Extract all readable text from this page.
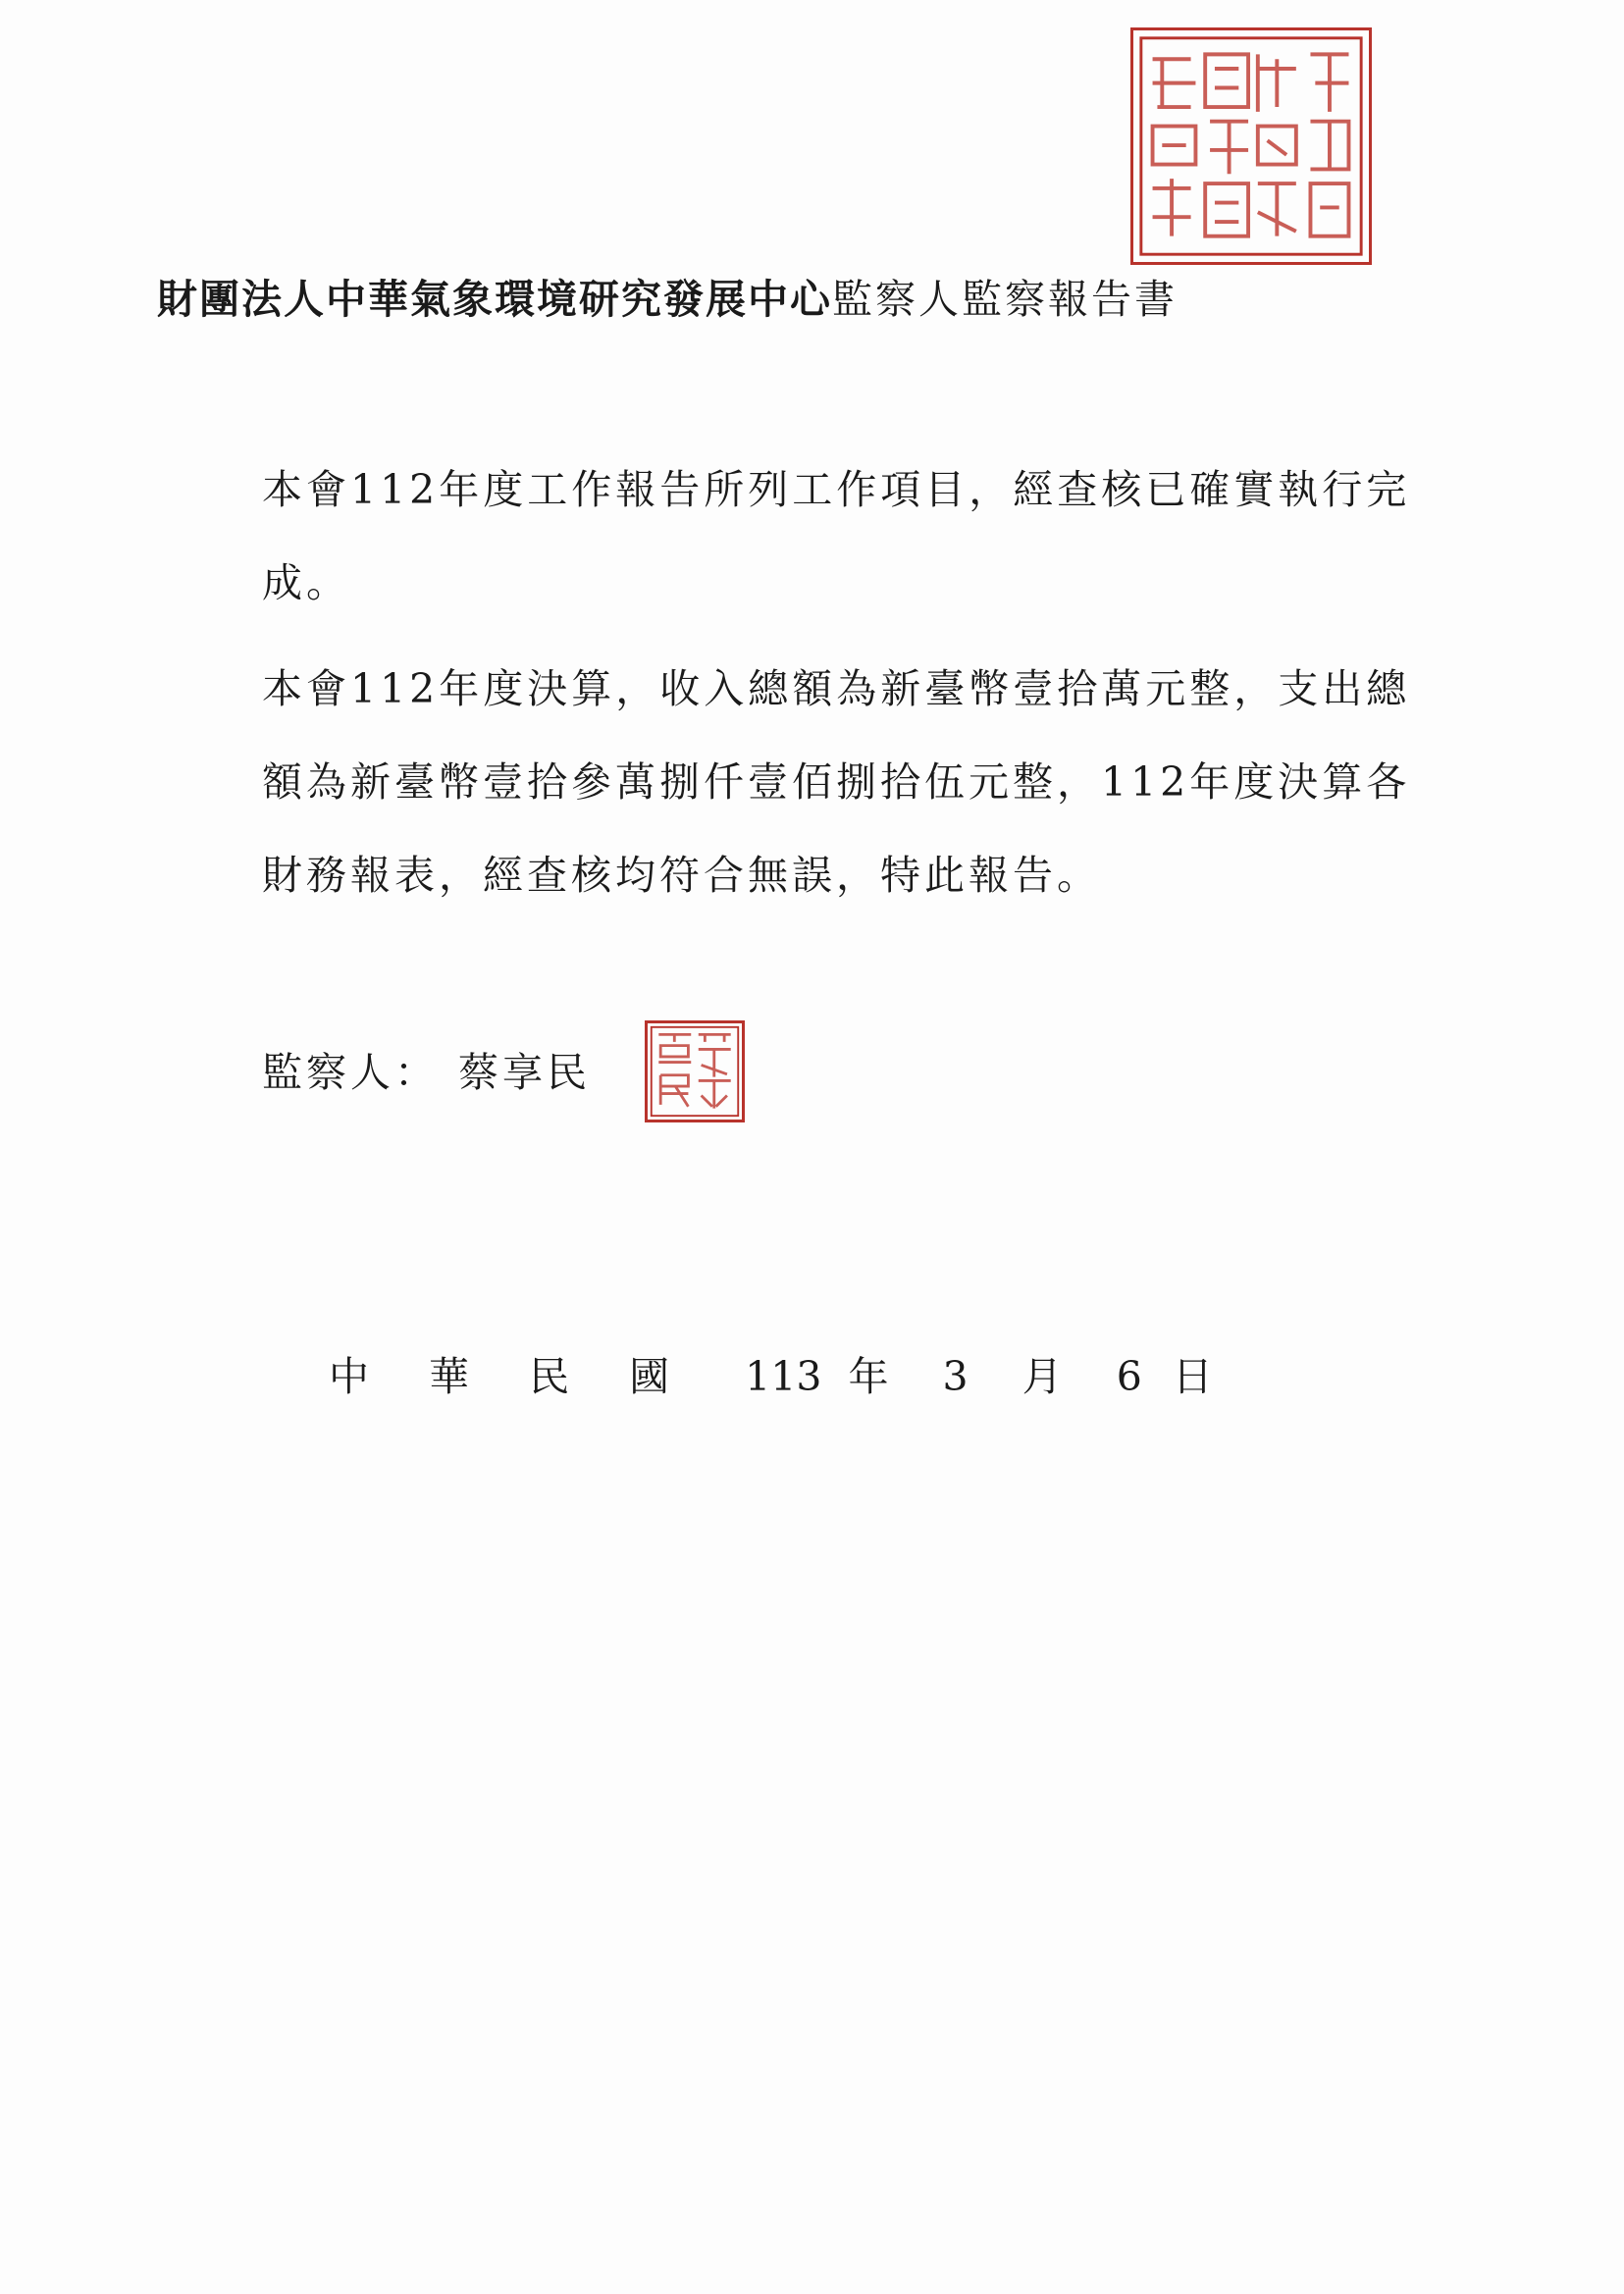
財團法人中華氣象環境研究發展中心監察人監察報告書

本會112年度工作報告所列工作項目，經查核已確實執行完成。

本會112年度決算，收入總額為新臺幣壹拾萬元整，支出總額為新臺幣壹拾參萬捌仟壹佰捌拾伍元整，112年度決算各財務報表，經查核均符合無誤，特此報告。

監察人： 蔡享民
中 華 民 國 113 年 3 月 6 日
